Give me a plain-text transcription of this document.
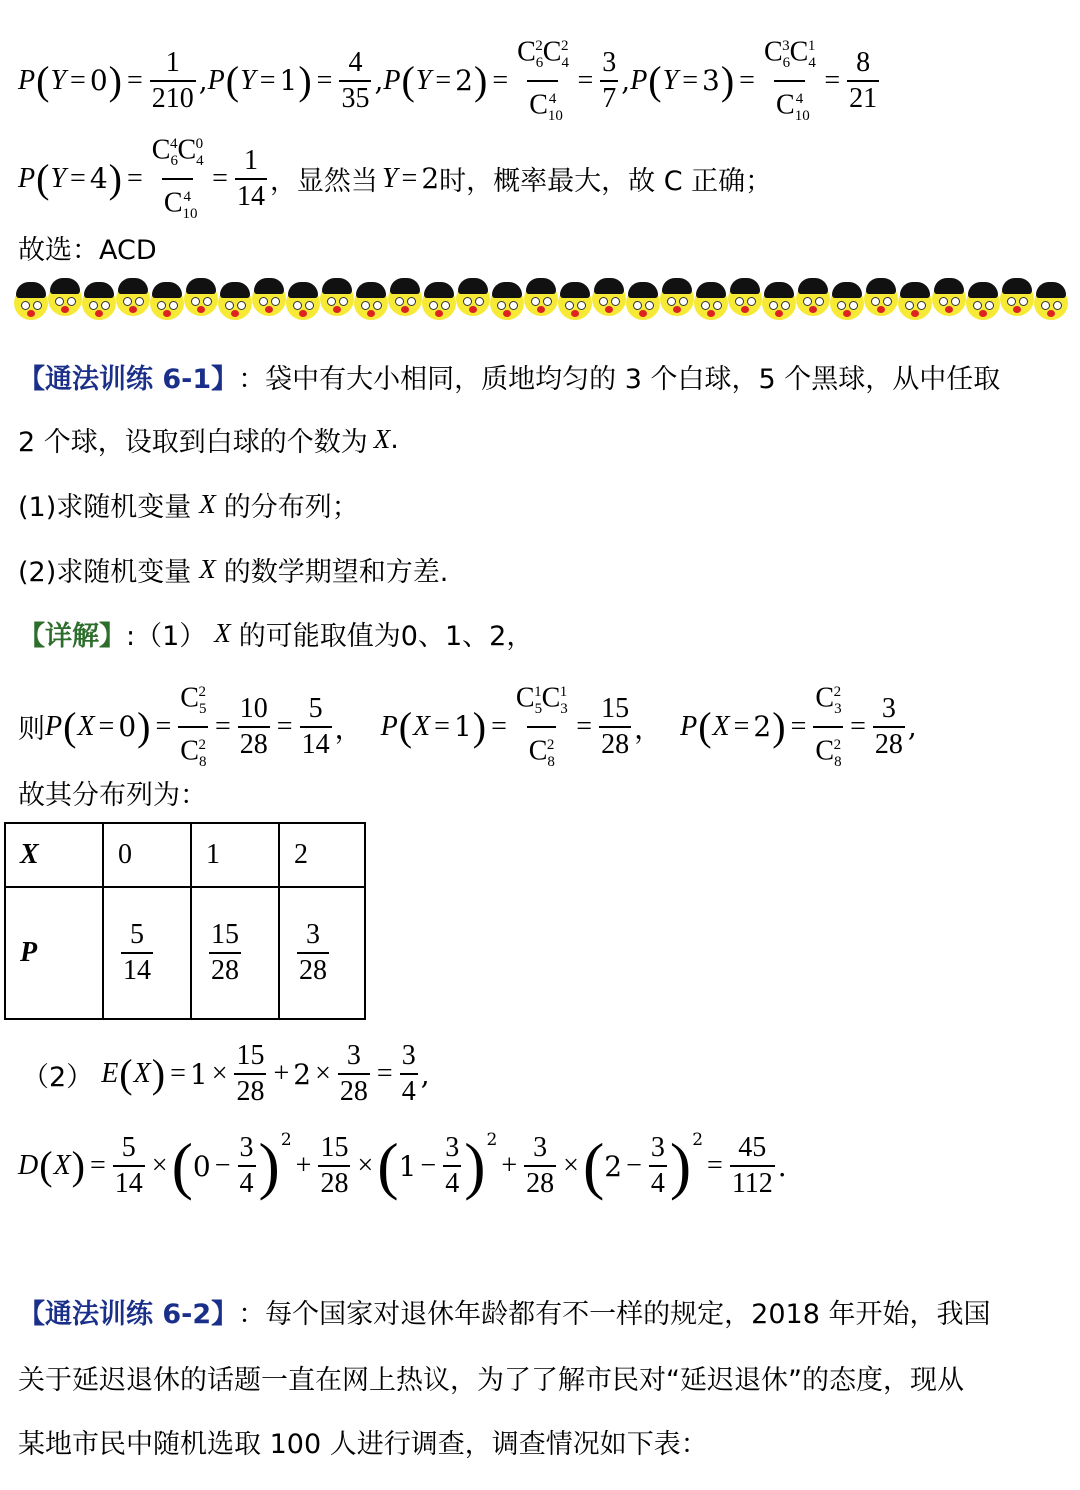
P ( Y = 0 ) = $\frac{1}{210}$ , P ( Y = 1 ) = $\frac{4}{35}$ , P ( Y = 2 ) = $\frac{C_6^2C_4^2}{C_{10}^4} = \frac{3}{7}$ , P ( Y = 3 ) = $\frac{C_6^3C_4^1}{C_{10}^4} = \frac{8}{21}$
P ( Y = 4 ) = $\frac{C_6^4C_4^0}{C_{10}^4} = \frac{1}{14}$ ，显然当 Y = 2 时，概率最大，故 C 正确；
故选：ACD
【通法训练 6-1】 ：袋中有大小相同，质地均匀的 3 个白球，5 个黑球，从中任取
2 个球，设取到白球的个数为 X .
(1)求随机变量 X 的分布列；
(2)求随机变量 X 的数学期望和方差.
【详解】 :（1） X 的可能取值为0、1、2，
则 P ( X = 0 ) = $\frac{C_5^2}{C_8^2} = \frac{10}{28} = \frac{5}{14}$ ， P ( X = 1 ) = $\frac{C_5^1C_3^1}{C_8^2} = \frac{15}{28}$ ， P ( X = 2 ) = $\frac{C_3^2}{C_8^2} = \frac{3}{28}$ ,
故其分布列为：
X	0	1	2
P	$\frac{5}{14}$	$\frac{15}{28}$	$\frac{3}{28}$
（2） E ( X ) = $1 \times \frac{15}{28} + 2 \times \frac{3}{28} = \frac{3}{4}$ ,
D ( X ) = $\frac{5}{14}$ × ( $0 - \frac{3}{4}$ ) 2
+ $\frac{15}{28}$ × ( $1 - \frac{3}{4}$ ) 2
+ $\frac{3}{28}$ × ( $2 - \frac{3}{4}$ ) 2
= $\frac{45}{112}$ .
【通法训练 6-2】 ：每个国家对退休年龄都有不一样的规定，2018 年开始，我国
关于延迟退休的话题一直在网上热议，为了了解市民对“延迟退休”的态度，现从
某地市民中随机选取 100 人进行调查，调查情况如下表：
